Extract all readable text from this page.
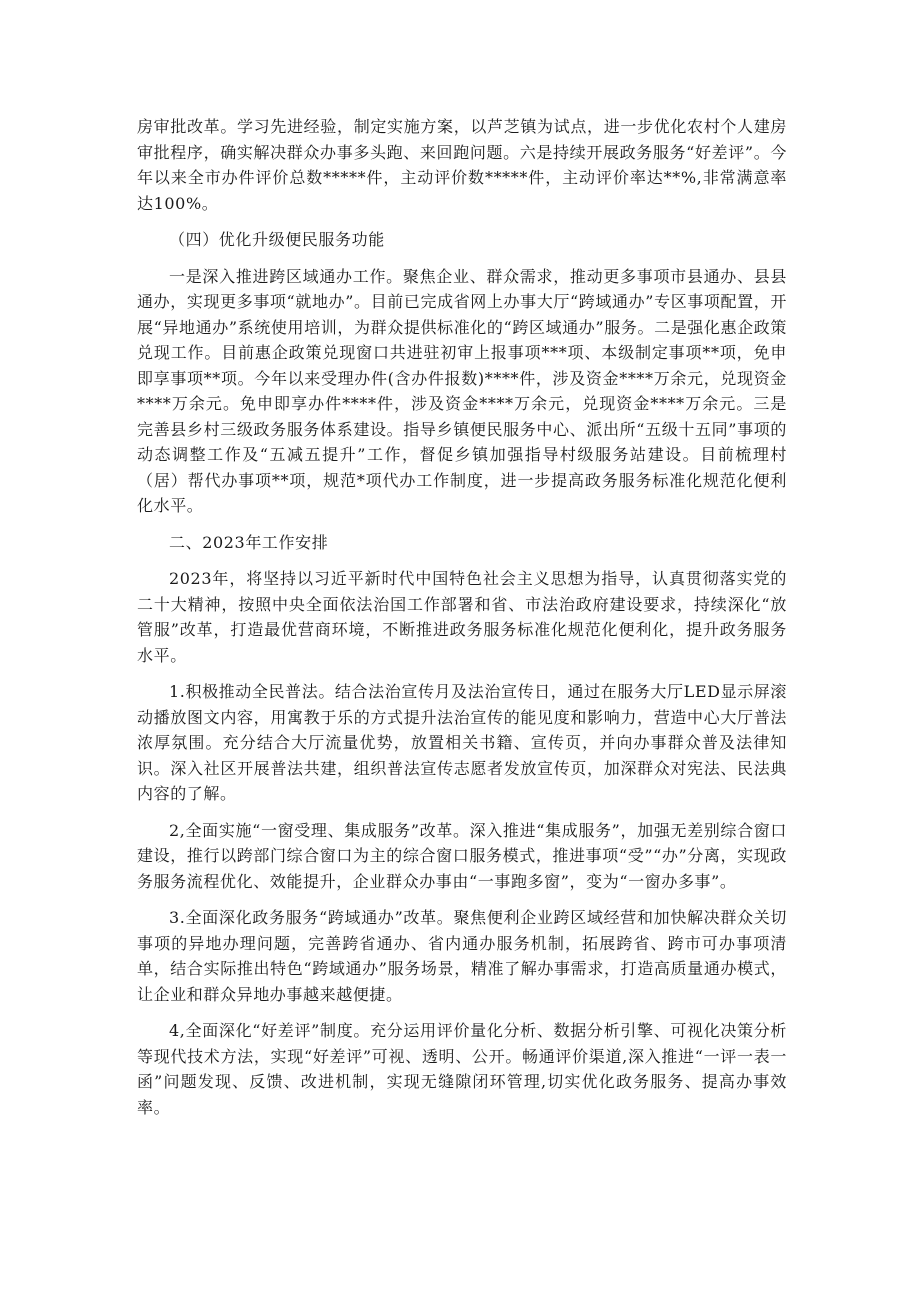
房审批改革。学习先进经验，制定实施方案，以芦芝镇为试点，进一步优化农村个人建房审批程序，确实解决群众办事多头跑、来回跑问题。六是持续开展政务服务“好差评”。今年以来全市办件评价总数*****件，主动评价数*****件，主动评价率达**%,非常满意率达100%。

（四）优化升级便民服务功能

一是深入推进跨区域通办工作。聚焦企业、群众需求，推动更多事项市县通办、县县通办，实现更多事项“就地办”。目前已完成省网上办事大厅“跨域通办”专区事项配置，开展“异地通办”系统使用培训，为群众提供标准化的“跨区域通办”服务。二是强化惠企政策兑现工作。目前惠企政策兑现窗口共进驻初审上报事项***项、本级制定事项**项，免申即享事项**项。今年以来受理办件(含办件报数)****件，涉及资金****万余元，兑现资金****万余元。免申即享办件****件，涉及资金****万余元，兑现资金****万余元。三是完善县乡村三级政务服务体系建设。指导乡镇便民服务中心、派出所“五级十五同”事项的动态调整工作及“五减五提升”工作，督促乡镇加强指导村级服务站建设。目前梳理村（居）帮代办事项**项，规范*项代办工作制度，进一步提高政务服务标准化规范化便利化水平。

二、2023年工作安排

2023年，将坚持以习近平新时代中国特色社会主义思想为指导，认真贯彻落实党的二十大精神，按照中央全面依法治国工作部署和省、市法治政府建设要求，持续深化“放管服”改革，打造最优营商环境，不断推进政务服务标准化规范化便利化，提升政务服务水平。

1.积极推动全民普法。结合法治宣传月及法治宣传日，通过在服务大厅LED显示屏滚动播放图文内容，用寓教于乐的方式提升法治宣传的能见度和影响力，营造中心大厅普法浓厚氛围。充分结合大厅流量优势，放置相关书籍、宣传页，并向办事群众普及法律知识。深入社区开展普法共建，组织普法宣传志愿者发放宣传页，加深群众对宪法、民法典内容的了解。

2,全面实施“一窗受理、集成服务”改革。深入推进“集成服务”，加强无差别综合窗口建设，推行以跨部门综合窗口为主的综合窗口服务模式，推进事项“受”“办”分离，实现政务服务流程优化、效能提升，企业群众办事由“一事跑多窗”，变为“一窗办多事”。

3.全面深化政务服务“跨域通办”改革。聚焦便利企业跨区域经营和加快解决群众关切事项的异地办理问题，完善跨省通办、省内通办服务机制，拓展跨省、跨市可办事项清单，结合实际推出特色“跨域通办”服务场景，精准了解办事需求，打造高质量通办模式，让企业和群众异地办事越来越便捷。

4,全面深化“好差评”制度。充分运用评价量化分析、数据分析引擎、可视化决策分析等现代技术方法，实现“好差评”可视、透明、公开。畅通评价渠道,深入推进“一评一表一函”问题发现、反馈、改进机制，实现无缝隙闭环管理,切实优化政务服务、提高办事效率。
